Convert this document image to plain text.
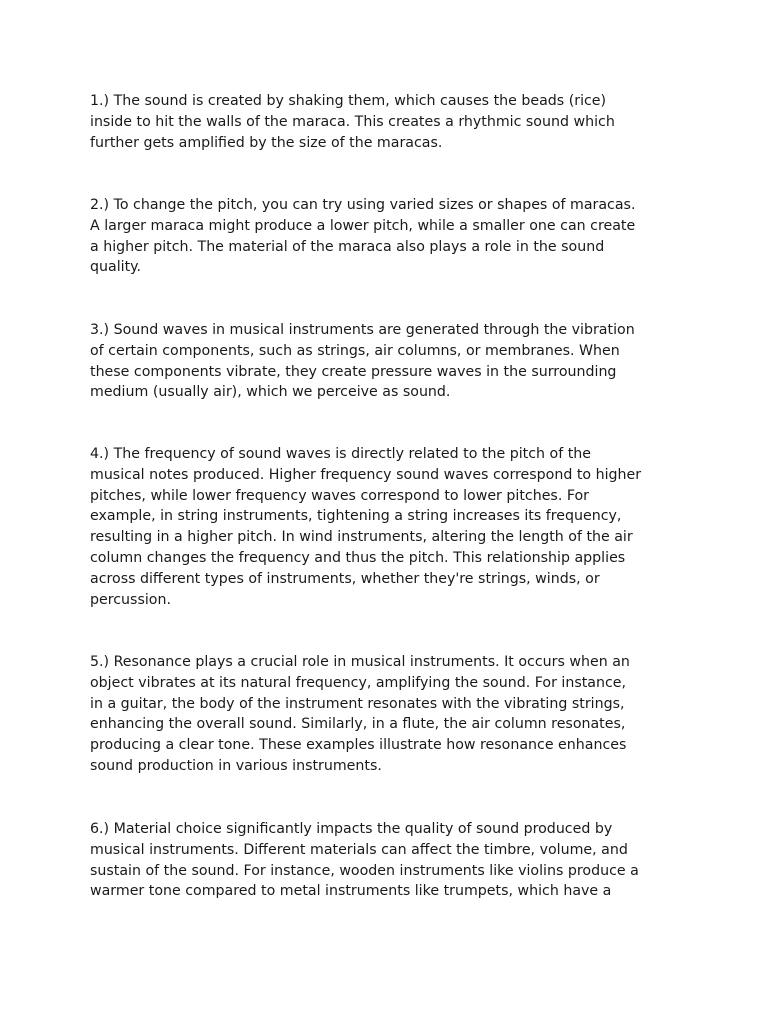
1.) The sound is created by shaking them, which causes the beads (rice)
inside to hit the walls of the maraca. This creates a rhythmic sound which
further gets amplified by the size of the maracas.

2.) To change the pitch, you can try using varied sizes or shapes of maracas.
A larger maraca might produce a lower pitch, while a smaller one can create
a higher pitch. The material of the maraca also plays a role in the sound
quality.

3.) Sound waves in musical instruments are generated through the vibration
of certain components, such as strings, air columns, or membranes. When
these components vibrate, they create pressure waves in the surrounding
medium (usually air), which we perceive as sound.

4.) The frequency of sound waves is directly related to the pitch of the
musical notes produced. Higher frequency sound waves correspond to higher
pitches, while lower frequency waves correspond to lower pitches. For
example, in string instruments, tightening a string increases its frequency,
resulting in a higher pitch. In wind instruments, altering the length of the air
column changes the frequency and thus the pitch. This relationship applies
across different types of instruments, whether they're strings, winds, or
percussion.

5.) Resonance plays a crucial role in musical instruments. It occurs when an
object vibrates at its natural frequency, amplifying the sound. For instance,
in a guitar, the body of the instrument resonates with the vibrating strings,
enhancing the overall sound. Similarly, in a flute, the air column resonates,
producing a clear tone. These examples illustrate how resonance enhances
sound production in various instruments.

6.) Material choice significantly impacts the quality of sound produced by
musical instruments. Different materials can affect the timbre, volume, and
sustain of the sound. For instance, wooden instruments like violins produce a
warmer tone compared to metal instruments like trumpets, which have a
